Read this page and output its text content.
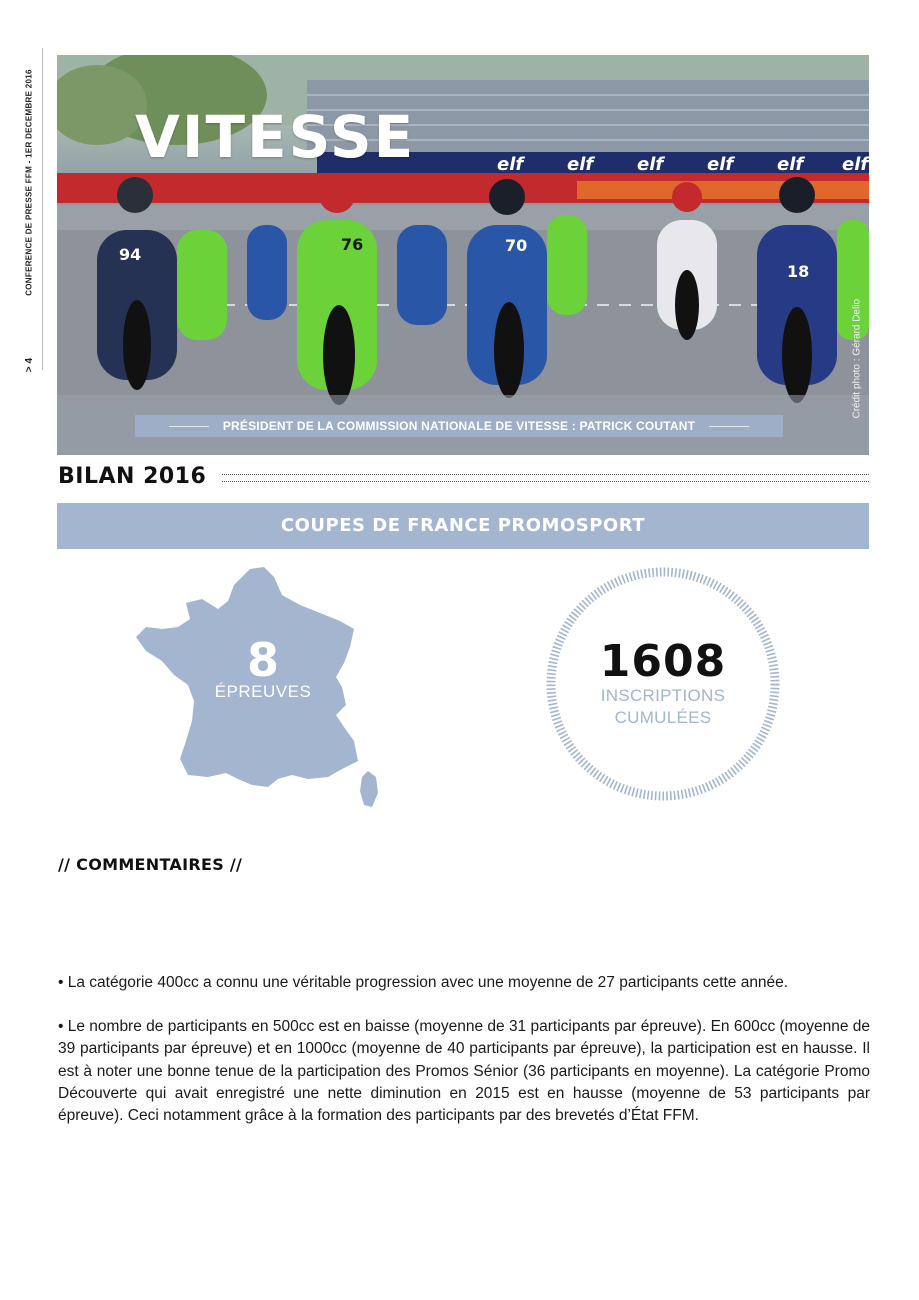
CONFERENCE DE PRESSE FFM - 1ER DECEMBRE 2016
> 4
elf elf elf elf elf elf
94
76	70
18
VITESSE
Crédit photo : Gérard Delio
PRÉSIDENT DE LA COMMISSION NATIONALE DE VITESSE : PATRICK COUTANT
BILAN 2016
COUPES DE FRANCE PROMOSPORT
8
ÉPREUVES
1608
INSCRIPTIONS
CUMULÉES
// COMMENTAIRES //
• La catégorie 400cc a connu une véritable progression avec une moyenne de 27 participants cette année.
• Le nombre de participants en 500cc est en baisse (moyenne de 31 participants par épreuve). En 600cc (moyenne de 39 participants par épreuve) et en 1000cc (moyenne de 40 participants par épreuve), la participation est en hausse. Il est à noter une bonne tenue de la participation des Promos Sénior (36 participants en moyenne). La catégorie Promo Découverte qui avait enregistré une nette diminution en 2015 est en hausse (moyenne de 53 participants par épreuve). Ceci notamment grâce à la formation des participants par des brevetés d’État FFM.
